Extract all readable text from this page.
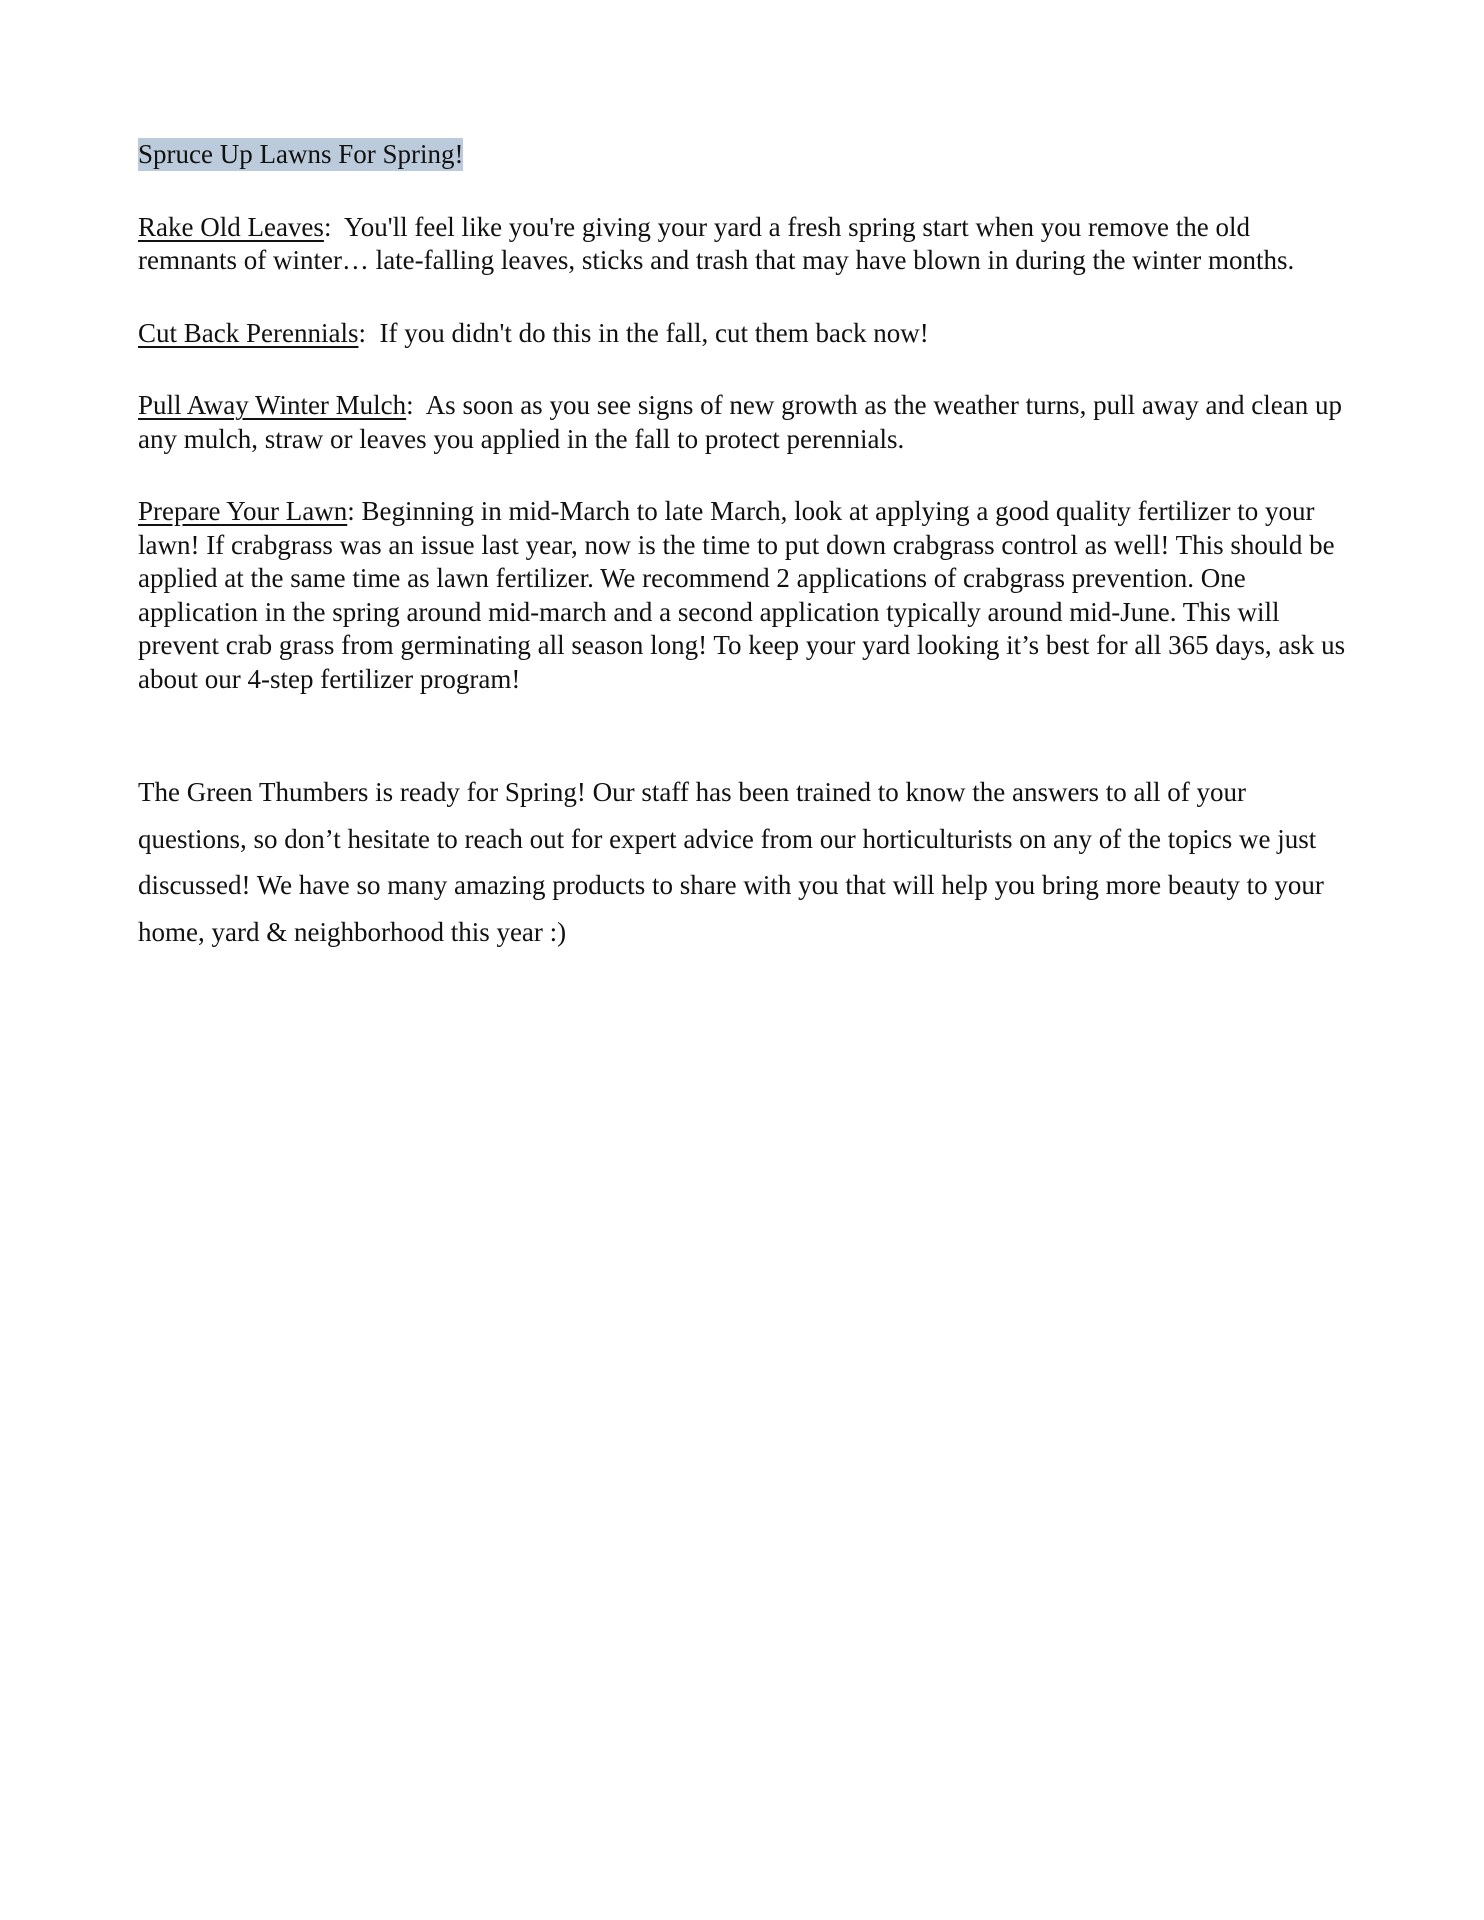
Spruce Up Lawns For Spring!

Rake Old Leaves:  You'll feel like you're giving your yard a fresh spring start when you remove the old remnants of winter… late-falling leaves, sticks and trash that may have blown in during the winter months.

Cut Back Perennials:  If you didn't do this in the fall, cut them back now!

Pull Away Winter Mulch:  As soon as you see signs of new growth as the weather turns, pull away and clean up any mulch, straw or leaves you applied in the fall to protect perennials.

Prepare Your Lawn: Beginning in mid-March to late March, look at applying a good quality fertilizer to your lawn! If crabgrass was an issue last year, now is the time to put down crabgrass control as well! This should be applied at the same time as lawn fertilizer. We recommend 2 applications of crabgrass prevention. One application in the spring around mid-march and a second application typically around mid-June. This will prevent crab grass from germinating all season long! To keep your yard looking it’s best for all 365 days, ask us about our 4-step fertilizer program!

The Green Thumbers is ready for Spring! Our staff has been trained to know the answers to all of your questions, so don’t hesitate to reach out for expert advice from our horticulturists on any of the topics we just discussed! We have so many amazing products to share with you that will help you bring more beauty to your home, yard & neighborhood this year :)
